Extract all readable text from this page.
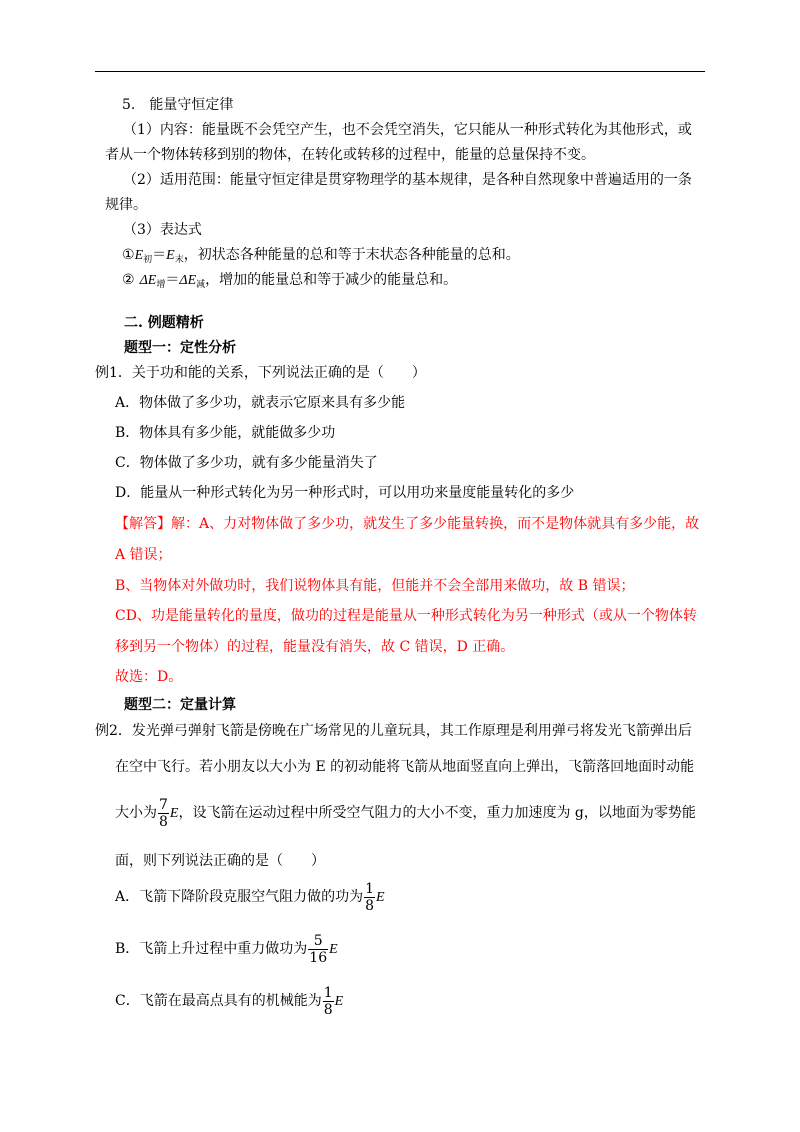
5.　能量守恒定律
（1）内容：能量既不会凭空产生，也不会凭空消失，它只能从一种形式转化为其他形式，或
者从一个物体转移到别的物体，在转化或转移的过程中，能量的总量保持不变。
（2）适用范围：能量守恒定律是贯穿物理学的基本规律，是各种自然现象中普遍适用的一条
规律。
（3）表达式
$①E_初=E_末$，初状态各种能量的总和等于末状态各种能量的总和。
② $\Delta E_增=\Delta E_减$，增加的能量总和等于减少的能量总和。
二. 例题精析
题型一：定性分析
例1．关于功和能的关系，下列说法正确的是（　　）
A．物体做了多少功，就表示它原来具有多少能
B．物体具有多少能，就能做多少功
C．物体做了多少功，就有多少能量消失了
D．能量从一种形式转化为另一种形式时，可以用功来量度能量转化的多少
【解答】解：A、力对物体做了多少功，就发生了多少能量转换，而不是物体就具有多少能，故
A 错误；
B、当物体对外做功时，我们说物体具有能，但能并不会全部用来做功，故 B 错误；
CD、功是能量转化的量度，做功的过程是能量从一种形式转化为另一种形式（或从一个物体转
移到另一个物体）的过程，能量没有消失，故 C 错误，D 正确。
故选：D。
题型二：定量计算
例2．发光弹弓弹射飞箭是傍晚在广场常见的儿童玩具，其工作原理是利用弹弓将发光飞箭弹出后
在空中飞行。若小朋友以大小为 E 的初动能将飞箭从地面竖直向上弹出，飞箭落回地面时动能
大小为 $\frac{7}{8}$ E，设飞箭在运动过程中所受空气阻力的大小不变，重力加速度为 g，以地面为零势能
面，则下列说法正确的是（　　）
A．飞箭下降阶段克服空气阻力做的功为 $\frac{1}{8}$ E
B．飞箭上升过程中重力做功为 $\frac{5}{16}$ E
C．飞箭在最高点具有的机械能为 $\frac{1}{8}$ E
